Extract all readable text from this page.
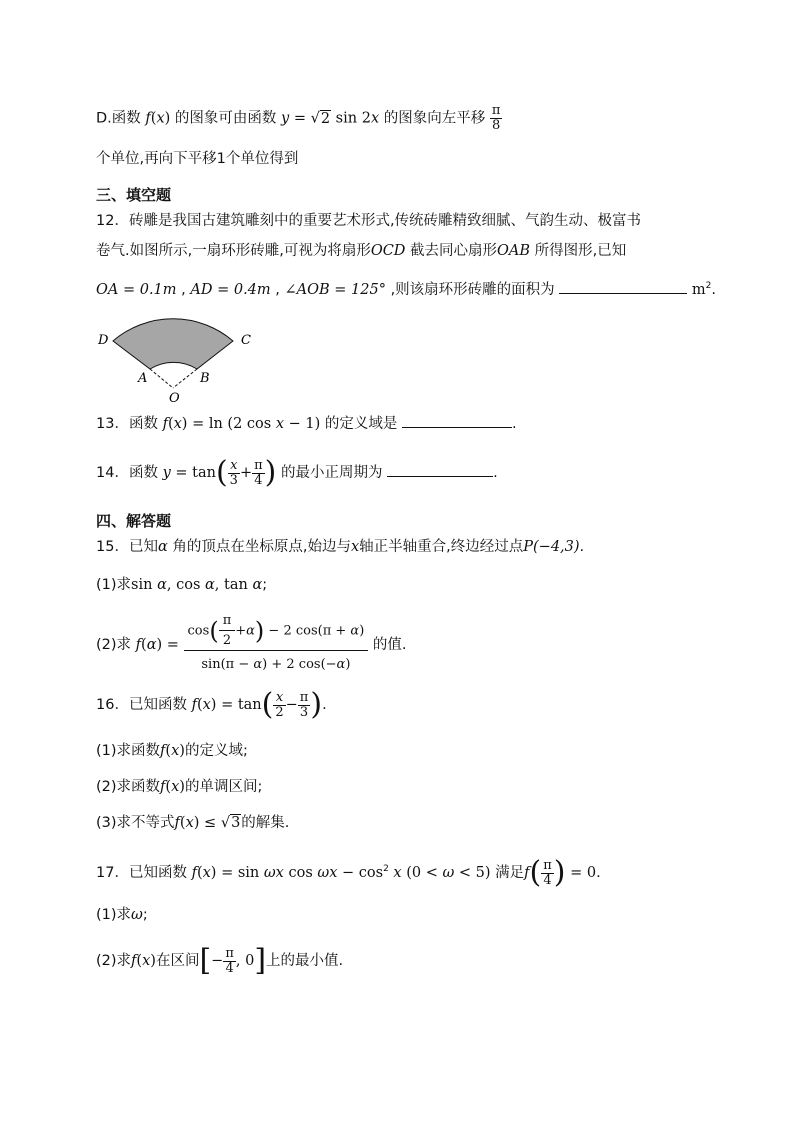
D.函数 f(x) 的图象可由函数 y = √2 sin 2x 的图象向左平移 $\frac{\pi}{8}$
个单位,再向下平移1个单位得到
三、填空题
12．砖雕是我国古建筑雕刻中的重要艺术形式,传统砖雕精致细腻、气韵生动、极富书
卷气.如图所示,一扇环形砖雕,可视为将扇形OCD 截去同心扇形OAB 所得图形,已知
OA = 0.1m , AD = 0.4m , ∠AOB = 125° ,则该扇环形砖雕的面积为	$m^2$.
D	C
A	B
O
13．函数 f(x) = ln (2 cos x − 1) 的定义域是	.
14．函数 $y = \tan( \frac{x}{3} + \frac{\pi}{4}$ ) 的最小正周期为	.
四、解答题
15．已知α 角的顶点在坐标原点,始边与x轴正半轴重合,终边经过点P(−4,3).
(1)求sin α, cos α, tan α;
(2)求 $f(\alpha) = \frac{\cos( \frac{\pi}{2} +\alpha) - 2 \cos(\pi + \alpha)}{\sin(\pi - \alpha) + 2 \cos(-\alpha)}$ 的值.
16．已知函数 $f(x) = \tan( \frac{x}{2} - \frac{\pi}{3}$ ).
(1)求函数f(x)的定义域;
(2)求函数f(x)的单调区间;
(3)求不等式f(x) ≤ √3的解集.
17．已知函数 f(x) = sin ωx $\cos \omega x - \cos^2 x$ (0 < ω < 5) 满足$f( \frac{\pi}{4}$ ) = 0.
(1)求ω;
(2)求f(x)在区间[− $\frac{\pi}{4}$ , 0]上的最小值.
